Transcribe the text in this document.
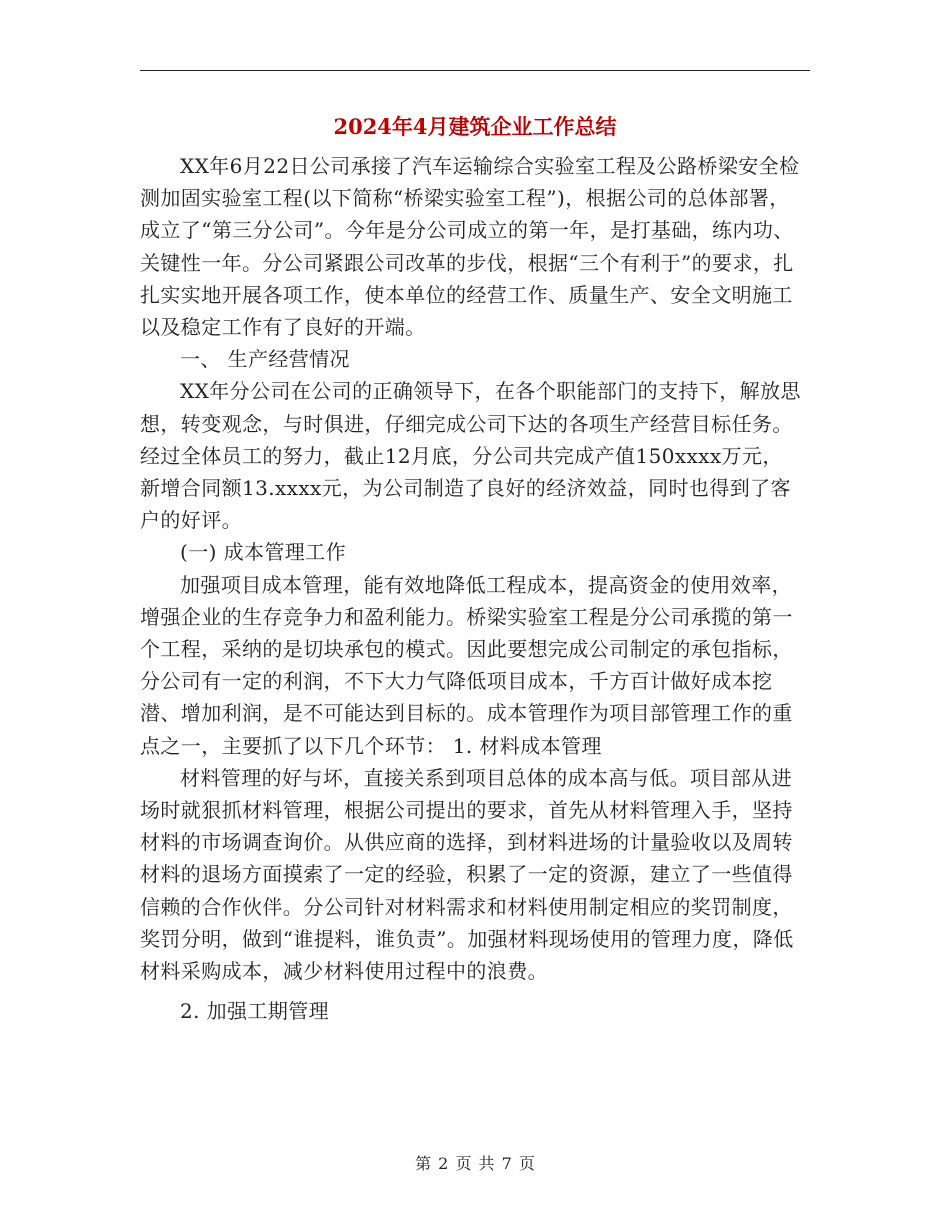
2024年4月建筑企业工作总结

XX年6月22日公司承接了汽车运输综合实验室工程及公路桥梁安全检测加固实验室工程(以下简称“桥梁实验室工程”)，根据公司的总体部署，成立了“第三分公司”。今年是分公司成立的第一年，是打基础，练内功、关键性一年。分公司紧跟公司改革的步伐，根据“三个有利于”的要求，扎扎实实地开展各项工作，使本单位的经营工作、质量生产、安全文明施工以及稳定工作有了良好的开端。

一、 生产经营情况

XX年分公司在公司的正确领导下，在各个职能部门的支持下，解放思想，转变观念，与时俱进，仔细完成公司下达的各项生产经营目标任务。经过全体员工的努力，截止12月底，分公司共完成产值150xxxx万元，新增合同额13.xxxx元，为公司制造了良好的经济效益，同时也得到了客户的好评。

(一) 成本管理工作

加强项目成本管理，能有效地降低工程成本，提高资金的使用效率，增强企业的生存竞争力和盈利能力。桥梁实验室工程是分公司承揽的第一个工程，采纳的是切块承包的模式。因此要想完成公司制定的承包指标，分公司有一定的利润，不下大力气降低项目成本，千方百计做好成本挖潜、增加利润，是不可能达到目标的。成本管理作为项目部管理工作的重点之一，主要抓了以下几个环节： 1. 材料成本管理

材料管理的好与坏，直接关系到项目总体的成本高与低。项目部从进场时就狠抓材料管理，根据公司提出的要求，首先从材料管理入手，坚持材料的市场调查询价。从供应商的选择，到材料进场的计量验收以及周转材料的退场方面摸索了一定的经验，积累了一定的资源，建立了一些值得信赖的合作伙伴。分公司针对材料需求和材料使用制定相应的奖罚制度，奖罚分明，做到“谁提料，谁负责”。加强材料现场使用的管理力度，降低材料采购成本，减少材料使用过程中的浪费。

2. 加强工期管理

第 2 页 共 7 页
